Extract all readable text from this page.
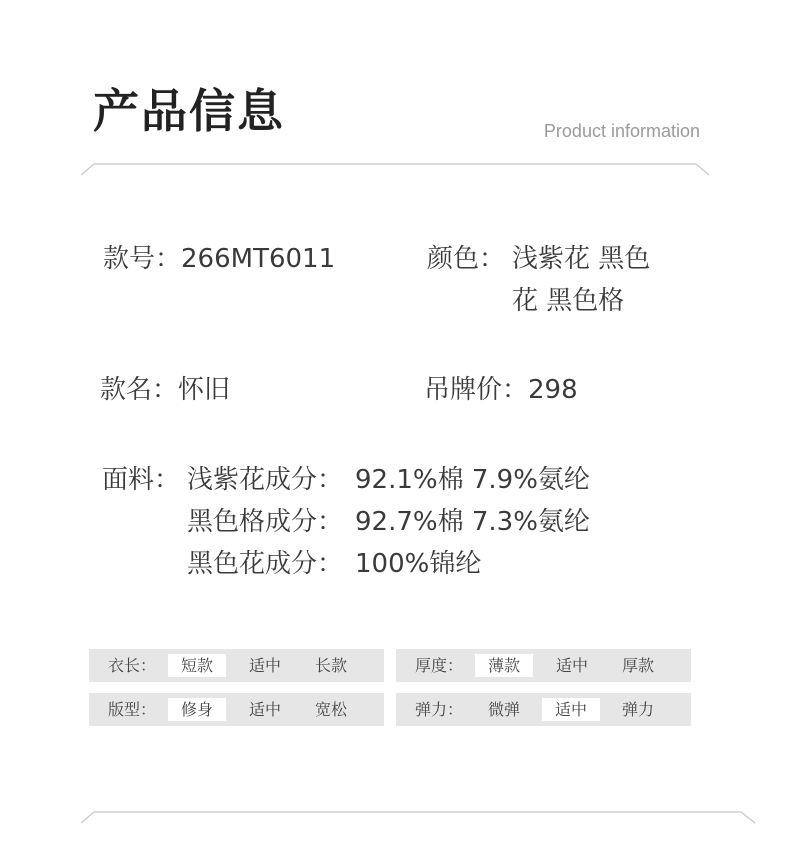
产品信息	Product information
款号：266MT6011	颜色： 浅紫花 黑色
花 黑色格
款名：怀旧	吊牌价：298
面料： 浅紫花成分： 92.1%棉 7.9%氨纶
黑色格成分： 92.7%棉 7.3%氨纶
黑色花成分： 100%锦纶
衣长：	短款	适中	长款	厚度：	薄款	适中	厚款
版型：	修身	适中	宽松	弹力：	微弹	适中	弹力
